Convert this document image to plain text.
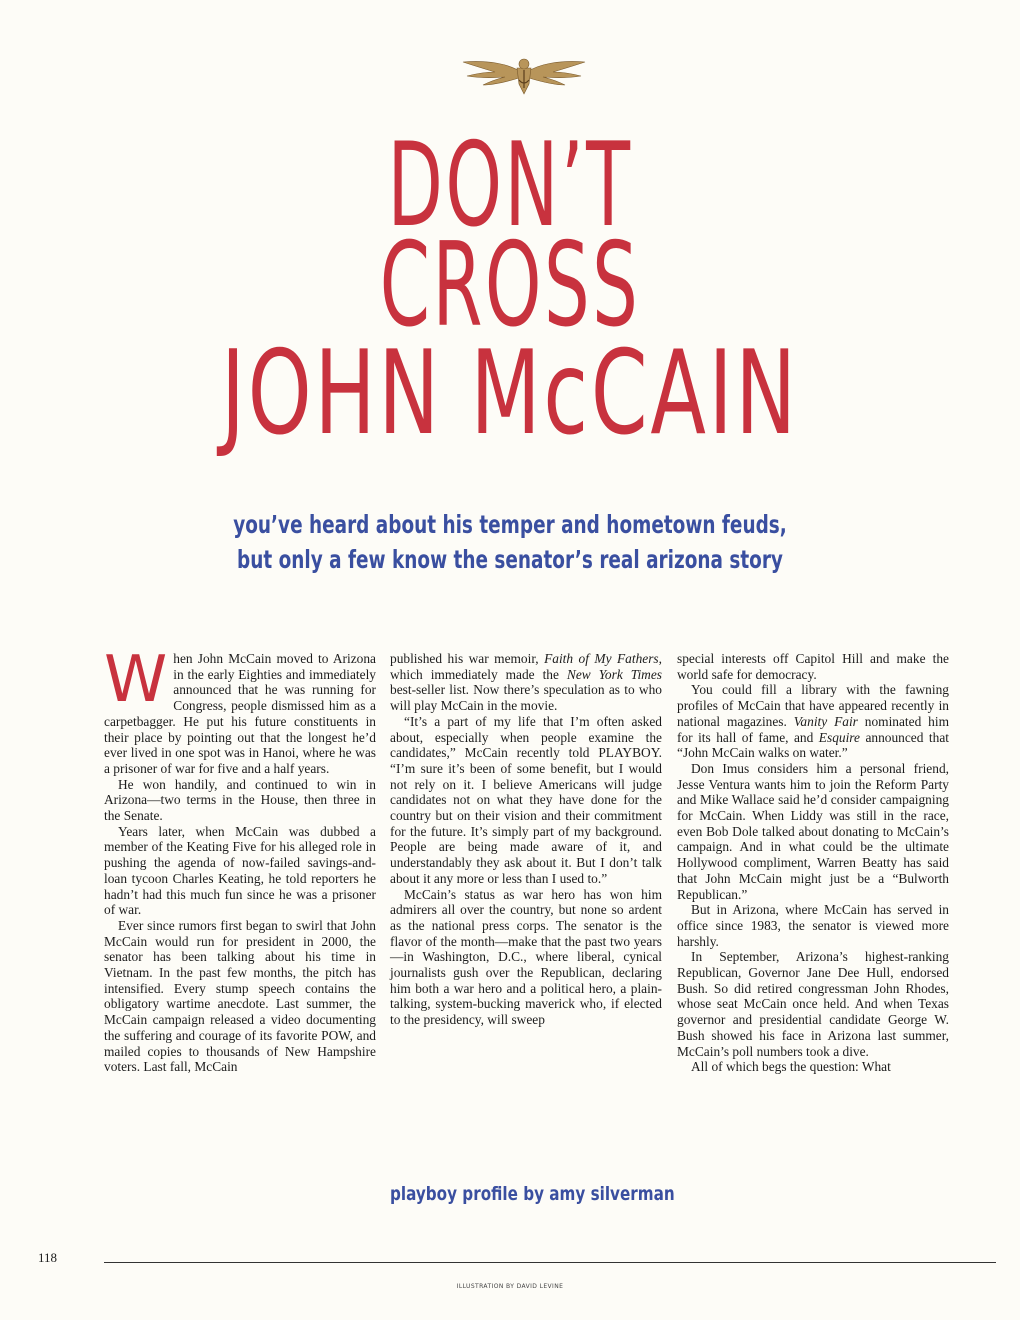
DON’T
CROSS
JOHN McCAIN
you’ve heard about his temper and hometown feuds,
but only a few know the senator’s real arizona story

When John McCain moved to Arizona in the early Eighties and immediately announced that he was running for Congress, people dismissed him as a carpetbagger. He put his future constituents in their place by pointing out that the longest he’d ever lived in one spot was in Hanoi, where he was a prisoner of war for five and a half years.

He won handily, and continued to win in Arizona—two terms in the House, then three in the Senate.

Years later, when McCain was dubbed a member of the Keating Five for his alleged role in pushing the agenda of now-failed savings-and-loan tycoon Charles Keating, he told reporters he hadn’t had this much fun since he was a prisoner of war.

Ever since rumors first began to swirl that John McCain would run for president in 2000, the senator has been talking about his time in Vietnam. In the past few months, the pitch has intensified. Every stump speech contains the obligatory wartime anecdote. Last summer, the McCain campaign released a video documenting the suffering and courage of its favorite POW, and mailed copies to thousands of New Hampshire voters. Last fall, McCain

published his war memoir, Faith of My Fathers, which immediately made the New York Times best-seller list. Now there’s speculation as to who will play McCain in the movie.

“It’s a part of my life that I’m often asked about, especially when people examine the candidates,” McCain recently told PLAYBOY. “I’m sure it’s been of some benefit, but I would not rely on it. I believe Americans will judge candidates not on what they have done for the country but on their vision and their commitment for the future. It’s simply part of my background. People are being made aware of it, and understandably they ask about it. But I don’t talk about it any more or less than I used to.”

McCain’s status as war hero has won him admirers all over the country, but none so ardent as the national press corps. The senator is the flavor of the month—make that the past two years—in Washington, D.C., where liberal, cynical journalists gush over the Republican, declaring him both a war hero and a political hero, a plain-talking, system-bucking maverick who, if elected to the presidency, will sweep

playboy profile by amy silverman

special interests off Capitol Hill and make the world safe for democracy.

You could fill a library with the fawning profiles of McCain that have appeared recently in national magazines. Vanity Fair nominated him for its hall of fame, and Esquire announced that “John McCain walks on water.”

Don Imus considers him a personal friend, Jesse Ventura wants him to join the Reform Party and Mike Wallace said he’d consider campaigning for McCain. When Liddy was still in the race, even Bob Dole talked about donating to McCain’s campaign. And in what could be the ultimate Hollywood compliment, Warren Beatty has said that John McCain might just be a “Bulworth Republican.”

But in Arizona, where McCain has served in office since 1983, the senator is viewed more harshly.

In September, Arizona’s highest-ranking Republican, Governor Jane Dee Hull, endorsed Bush. So did retired congressman John Rhodes, whose seat McCain once held. And when Texas governor and presidential candidate George W. Bush showed his face in Arizona last summer, McCain’s poll numbers took a dive.

All of which begs the question: What

118
ILLUSTRATION BY DAVID LEVINE
